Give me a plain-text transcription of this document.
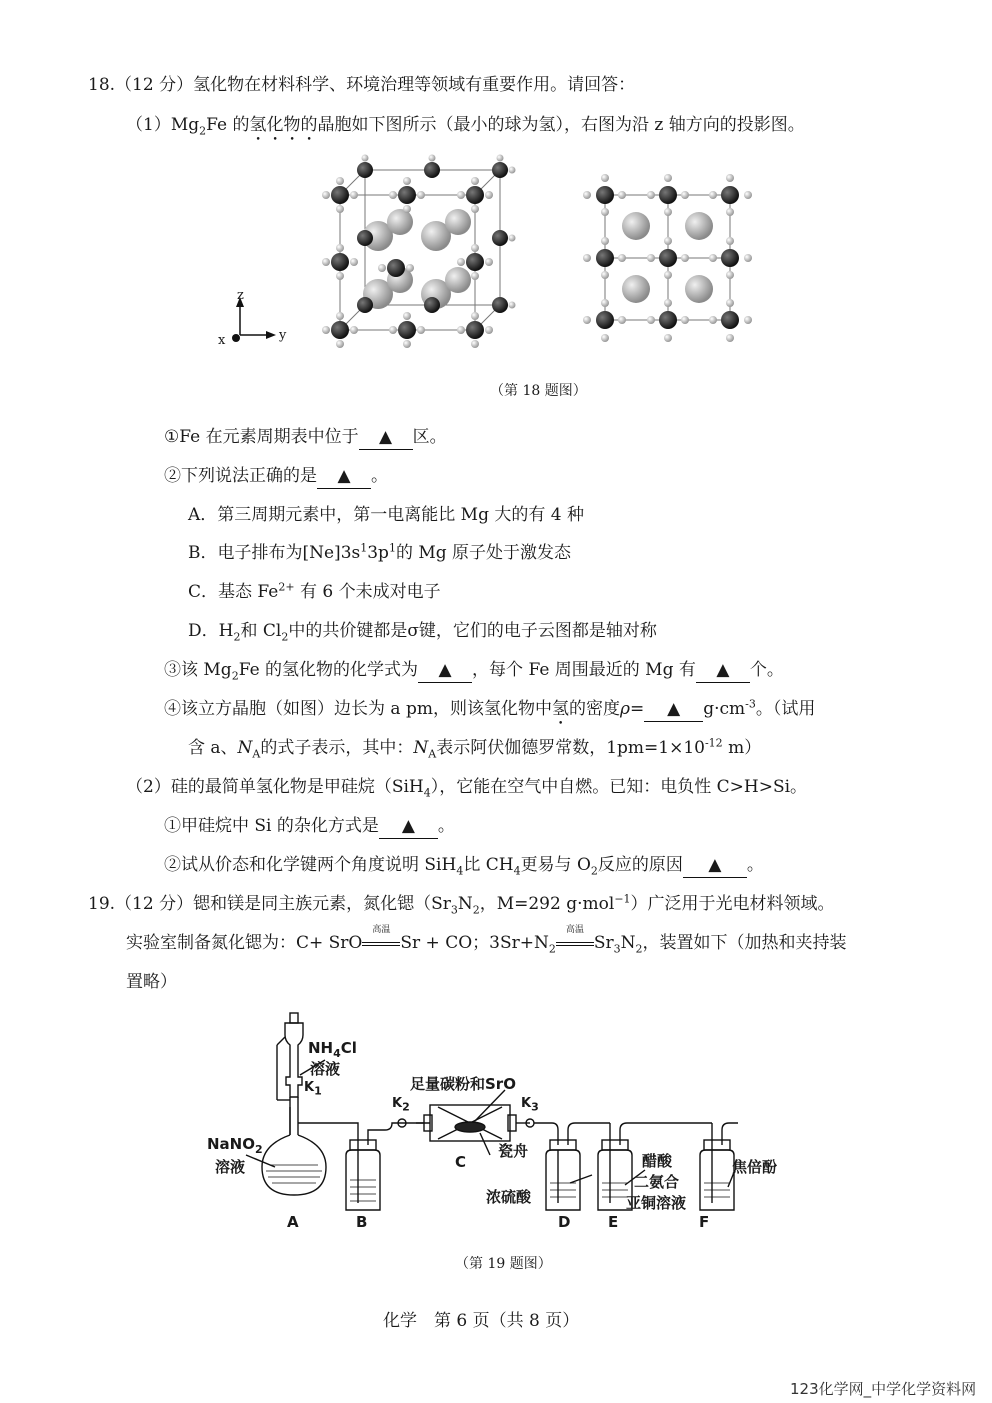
18.（12 分）氢化物在材料科学、环境治理等领域有重要作用。请回答：
$(1)Mg_2Fe$ 的氢化物的晶胞如下图所示（最小的球为氢），右图为沿 z 轴方向的投影图。
z
x	y
（第 18 题图）
①Fe 在元素周期表中位于 ▲ 区。
②下列说法正确的是 ▲ 。
A．第三周期元素中，第一电离能比 Mg 大的有 4 种
B．电子排布为$[Ne]3s^13p^1$的 Mg 原子处于激发态
C．基态 $Fe^{2+}$ 有 6 个未成对电子
D．$H_2$和 $Cl_2$中的共价键都是σ键，它们的电子云图都是轴对称
③该 $Mg_2Fe$ 的氢化物的化学式为 ▲ ，每个 Fe 周围最近的 Mg 有 ▲ 个。
④该立方晶胞（如图）边长为 a pm，则该氢化物中氢的密度ρ= ▲ $g\cdot cm^{-3}$。（试用
含 a、$N_A$的式子表示，其中：$N_A$表示阿伏伽德罗常数，$1pm=1\times 10^{-12}$ m）
（2）硅的最简单氢化物是甲硅烷（SiH$_4$），它能在空气中自燃。已知：电负性 C>H>Si。
①甲硅烷中 Si 的杂化方式是 ▲ 。
②试从价态和化学键两个角度说明 SiH$_4$比 $CH_4$更易与 $O_2$反应的原因 ▲ 。
19.（12 分）锶和镁是同主族元素，氮化锶（$Sr_3N_2$，M=292 g·mol$^{-1}$）广泛用于光电材料领域。
实验室制备氮化锶为：C+ SrO
高温
Sr + CO；$3Sr+N_2$
高温
$Sr_3N_2$，装置如下（加热和夹持装
置略）
$NH_4Cl$
溶液
$K_1$
$K_2$	$K_3$
足量碳粉和SrO
NaNO$_2$
溶液
瓷舟
浓硫酸
醋酸
二氨合
亚铜溶液
焦倍酚
A	B
C
D	E	F
（第 19 题图）
化学　第 6 页（共 8 页）
123化学网_中学化学资料网
